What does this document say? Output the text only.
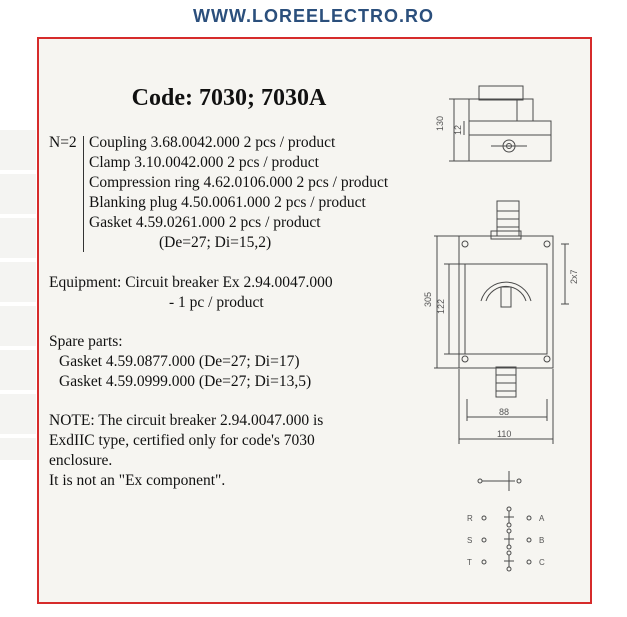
WWW.LOREELECTRO.RO
Code: 7030; 7030A
N=2 Coupling 3.68.0042.000 2 pcs / product
Clamp 3.10.0042.000 2 pcs / product
Compression ring 4.62.0106.000 2 pcs / product
Blanking plug 4.50.0061.000 2 pcs / product
Gasket 4.59.0261.000 2 pcs / product
(De=27; Di=15,2)
Equipment: Circuit breaker Ex 2.94.0047.000
- 1 pc / product
Spare parts:
Gasket 4.59.0877.000 (De=27; Di=17)
Gasket 4.59.0999.000 (De=27; Di=13,5)
NOTE: The circuit breaker 2.94.0047.000 is
ExdIIC type, certified only for code's 7030
enclosure.
It is not an "Ex component".
130 12
305 122
2x7
88
110
R
S
T
A
B
C
